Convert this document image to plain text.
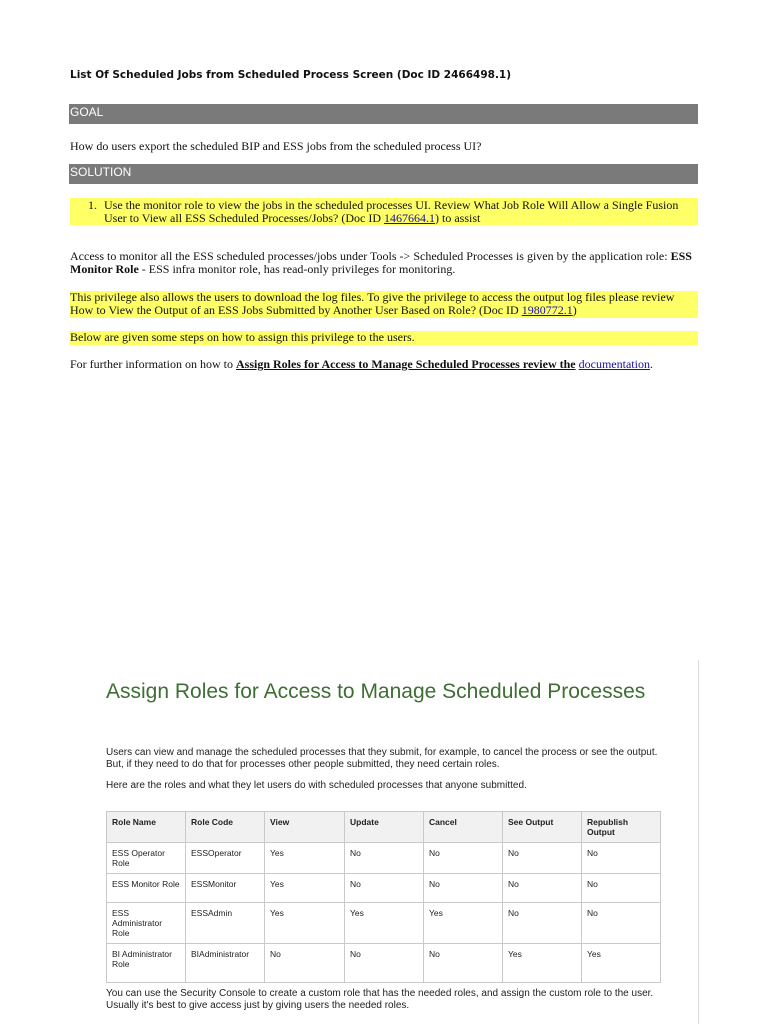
List Of Scheduled Jobs from Scheduled Process Screen (Doc ID 2466498.1)
GOAL
How do users export the scheduled BIP and ESS jobs from the scheduled process UI?
SOLUTION
1. Use the monitor role to view the jobs in the scheduled processes UI. Review What Job Role Will Allow a Single Fusion User to View all ESS Scheduled Processes/Jobs? (Doc ID 1467664.1) to assist
Access to monitor all the ESS scheduled processes/jobs under Tools -> Scheduled Processes is given by the application role: ESS Monitor Role - ESS infra monitor role, has read-only privileges for monitoring.
This privilege also allows the users to download the log files. To give the privilege to access the output log files please review How to View the Output of an ESS Jobs Submitted by Another User Based on Role? (Doc ID 1980772.1)
Below are given some steps on how to assign this privilege to the users.
For further information on how to Assign Roles for Access to Manage Scheduled Processes review the documentation.
Assign Roles for Access to Manage Scheduled Processes
Users can view and manage the scheduled processes that they submit, for example, to cancel the process or see the output. But, if they need to do that for processes other people submitted, they need certain roles.
Here are the roles and what they let users do with scheduled processes that anyone submitted.
Role Name	Role Code	View	Update	Cancel	See Output	Republish Output
ESS Operator Role	ESSOperator	Yes	No	No	No	No
ESS Monitor Role	ESSMonitor	Yes	No	No	No	No
ESS Administrator Role	ESSAdmin	Yes	Yes	Yes	No	No
BI Administrator Role	BIAdministrator	No	No	No	Yes	Yes
You can use the Security Console to create a custom role that has the needed roles, and assign the custom role to the user. Usually it's best to give access just by giving users the needed roles.
